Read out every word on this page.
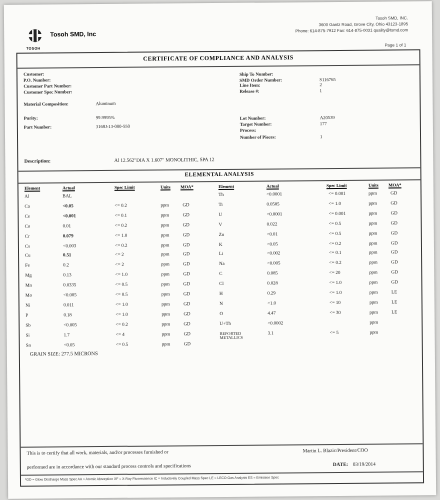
TOSOH
Tosoh SMD, Inc
Tosoh SMD, INC.
3600 Gantz Road, Grove City, Ohio 43123-1895
Phone: 614-875-7912 Fax: 614-875-0031 quality@tsmd.com
Page 1 of 1
CERTIFICATE OF COMPLIANCE AND ANALYSIS
Customer:
P.O. Number:
Customer Part Number:
Customer Spec Number:
Material Composition:	Aluminum
Purity:	99.9995%
Part Number:	3168J-13-000-550
Ship To Number:
SMD Order Number:	S116765
Line Item:	2
Release #:	1
Lot Number:	A20539
Target Number:	177
Process:
Number of Pieces:	1
Description:	Al 12.562"DIA X 1.607" MONOLITHIC, SPA 12
ELEMENTAL ANALYSIS
Element	Actual	Spec Limit	Units MOA*	Element	Actual	Spec Limit	Units MOA*
Al	BAL
Ca	<0.05	<= 0.2	ppm	GD
Ce	<0.001	<= 0.1	ppm	GD
Co	0.01	<= 0.2	ppm	GD
Cr	0.079	<= 1.0	ppm	GD
Cs	<0.003	<= 0.2	ppm	GD
Cu	0.51	<= 2	ppm	GD
Fe	0.2	<= 2	ppm	GD
Mg	0.13	<= 1.0	ppm	GD
Mn	0.0335	<= 0.5	ppm	GD
Mo	<0.005	<= 0.5	ppm	GD
Ni	0.011	<= 1.0	ppm	GD
P	0.18	<= 1.0	ppm	GD
Sb	<0.005	<= 0.2	ppm	GD
Si	1.7	<= 4	ppm	GD
Sn	<0.05	<= 0.5	ppm	GD
Th	<0.0001	<= 0.001	ppm	GD
Ti	0.0585	<= 1.0	ppm	GD
U	<0.0001	<= 0.001	ppm	GD
V	0.022	<= 0.5	ppm	GD
Zn	<0.01	<= 0.5	ppm	GD
K	<0.05	<= 0.2	ppm	GD
Li	<0.002	<= 0.1	ppm	GD
Na	<0.005	<= 0.2	ppm	GD
C	0.085	<= 20	ppm	GD
Cl	0.028	<= 1.0	ppm	GD
H	0.29	<= 1.0	ppm	LE
N	<1.0	<= 10	ppm	LE
O	4.47	<= 30	ppm	LE
U+Th	<0.0002	ppm
REPORTED METALLICS
3.1	<= 5	ppm
GRAIN SIZE: 277.5 MICRONS
This is to certify that all work, materials, and/or processes furnished or
performed are in accordance with our standard process controls and specifications
Martin L. Blazic/President/COO
DATE: 03/19/2014
*GD = Glow Discharge Mass Spec AA = Atomic Absorption XF = X-Ray Fluorescence IC = Inductively Coupled Mass Spec LE = LECO Gas Analysis ES = Emission Spec
